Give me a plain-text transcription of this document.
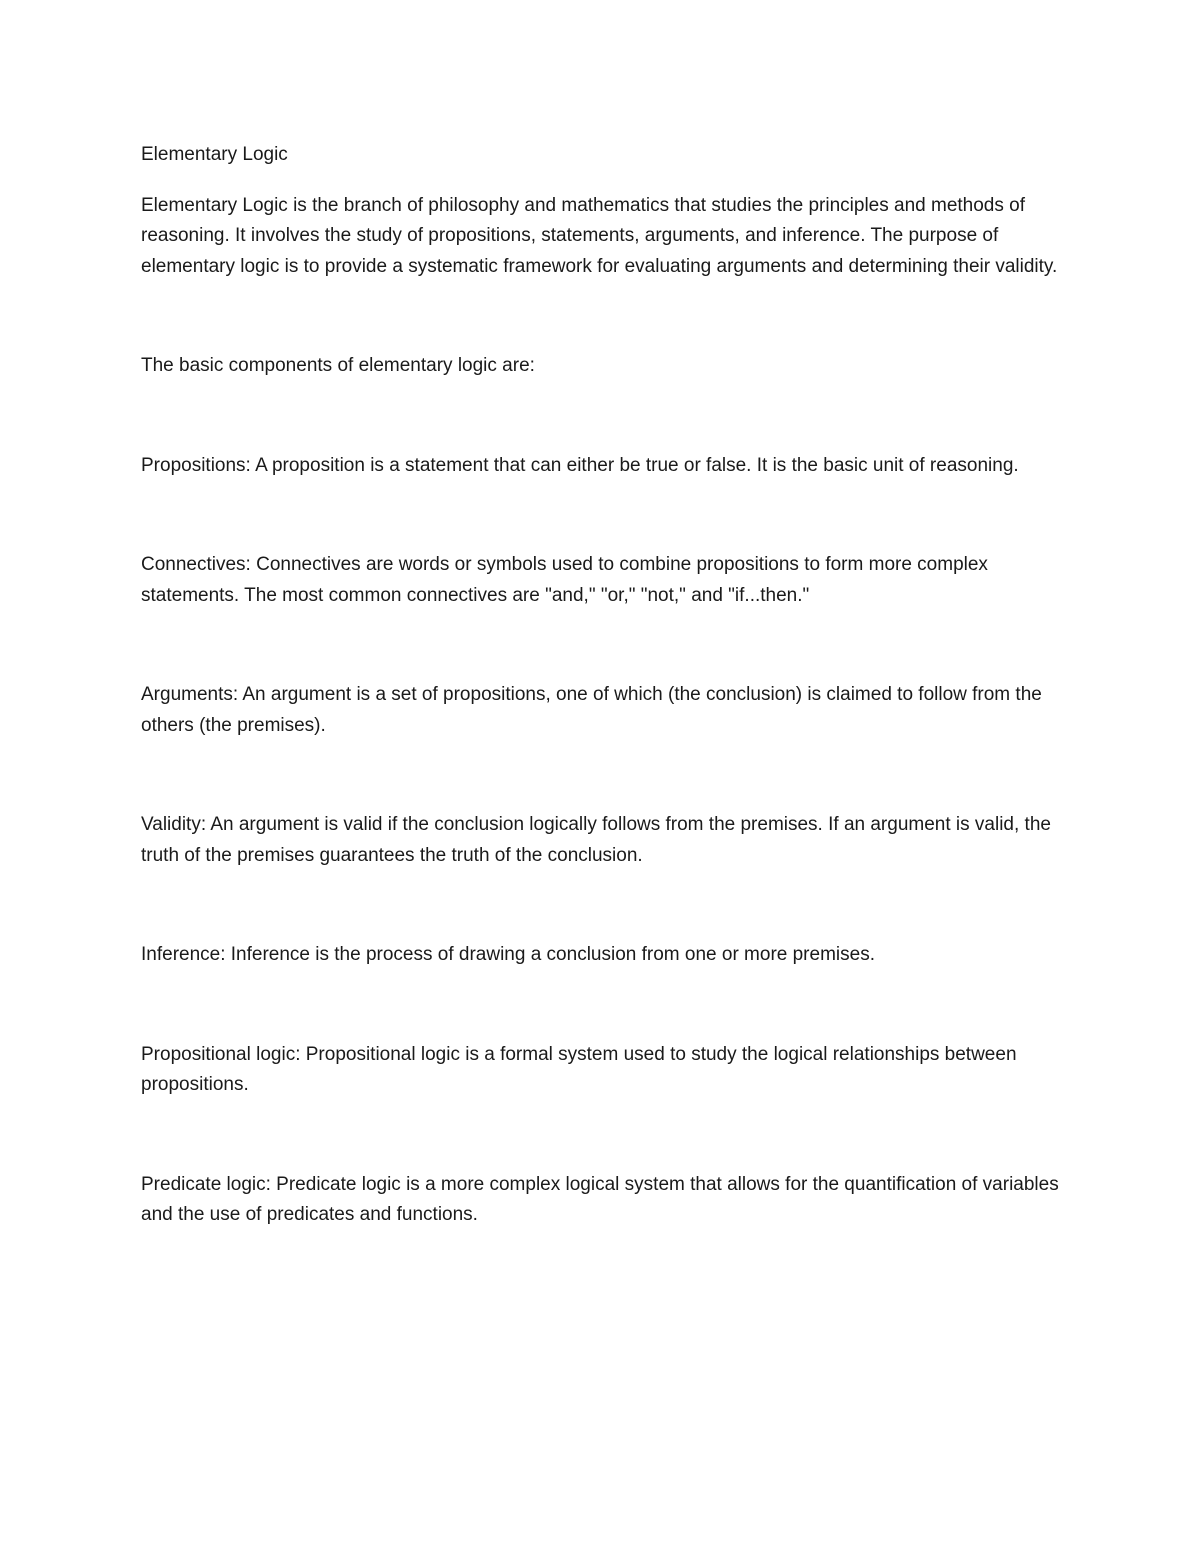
Elementary Logic

Elementary Logic is the branch of philosophy and mathematics that studies the principles and methods of reasoning. It involves the study of propositions, statements, arguments, and inference. The purpose of elementary logic is to provide a systematic framework for evaluating arguments and determining their validity.

The basic components of elementary logic are:

Propositions: A proposition is a statement that can either be true or false. It is the basic unit of reasoning.

Connectives: Connectives are words or symbols used to combine propositions to form more complex statements. The most common connectives are "and," "or," "not," and "if...then."

Arguments: An argument is a set of propositions, one of which (the conclusion) is claimed to follow from the others (the premises).

Validity: An argument is valid if the conclusion logically follows from the premises. If an argument is valid, the truth of the premises guarantees the truth of the conclusion.

Inference: Inference is the process of drawing a conclusion from one or more premises.

Propositional logic: Propositional logic is a formal system used to study the logical relationships between propositions.

Predicate logic: Predicate logic is a more complex logical system that allows for the quantification of variables and the use of predicates and functions.
